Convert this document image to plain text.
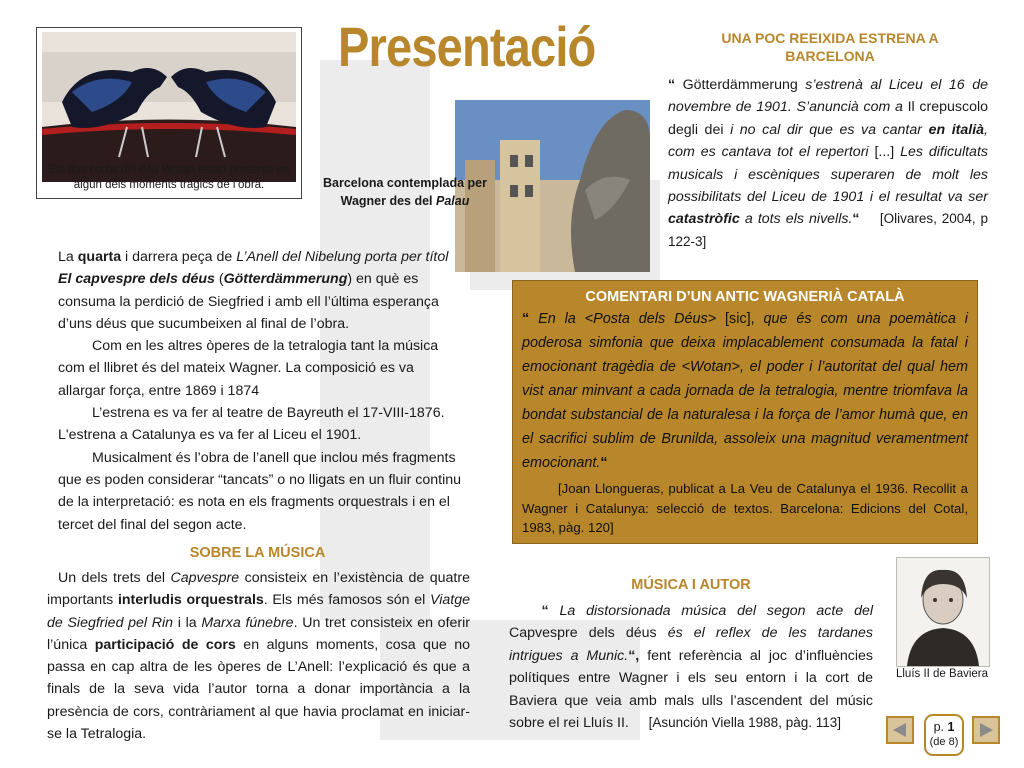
Els dos corbs del déu Wotan estan presents en algun dels moments tràgics de l’obra.
Presentació
Barcelona contemplada per Wagner des del Palau
UNA POC REEIXIDA ESTRENA A BARCELONA
“ Götterdämmerung s’estrenà al Liceu el 16 de novembre de 1901. S’anuncià com a Il crepuscolo degli dei i no cal dir que es va cantar en italià, com es cantava tot el repertori [...] Les dificultats musicals i escèniques superaren de molt les possibilitats del Liceu de 1901 i el resultat va ser catastròfic a tots els nivells.“ [Olivares, 2004, p 122-3]

La quarta i darrera peça de L’Anell del Nibelung porta per títol El capvespre dels déus (Götterdämmerung) en què es consuma la perdició de Siegfried i amb ell l’última esperança d’uns déus que sucumbeixen al final de l’obra.

Com en les altres òperes de la tetralogia tant la música com el llibret és del mateix Wagner. La composició es va allargar força, entre 1869 i 1874

L’estrena es va fer al teatre de Bayreuth el 17-VIII-1876. L'estrena a Catalunya es va fer al Liceu el 1901.

Musicalment és l’obra de l’anell que inclou més fragments que es poden considerar “tancats” o no lligats en un fluir continu de la interpretació: es nota en els fragments orquestrals i en el tercet del final del segon acte.

SOBRE LA MÚSICA
Un dels trets del Capvespre consisteix en l’existència de quatre importants interludis orquestrals. Els més famosos són el Viatge de Siegfried pel Rin i la Marxa fúnebre. Un tret consisteix en oferir l’única participació de cors en alguns moments, cosa que no passa en cap altra de les òperes de L’Anell: l’explicació és que a finals de la seva vida l’autor torna a donar importància a la presència de cors, contràriament al que havia proclamat en iniciar-se la Tetralogia.
COMENTARI D’UN ANTIC WAGNERIÀ CATALÀ

“ En la <Posta dels Déus> [sic], que és com una poemàtica i poderosa simfonia que deixa implacablement consumada la fatal i emocionant tragèdia de <Wotan>, el poder i l’autoritat del qual hem vist anar minvant a cada jornada de la tetralogia, mentre triomfava la bondat substancial de la naturalesa i la força de l’amor humà que, en el sacrifici sublim de Brunilda, assoleix una magnitud veramentment emocionant.“

[Joan Llongueras, publicat a La Veu de Catalunya el 1936. Recollit a Wagner i Catalunya: selecció de textos. Barcelona: Edicions del Cotal, 1983, pàg. 120]

MÚSICA I AUTOR
“ La distorsionada música del segon acte del Capvespre dels déus és el reflex de les tardanes intrigues a Munic.“, fent referència al joc d’influències polítiques entre Wagner i els seu entorn i la cort de Baviera que veia amb mals ulls l’ascendent del músic sobre el rei Lluís II. [Asunción Viella 1988, pàg. 113]
Lluís II de Baviera
p. 1
(de 8)
